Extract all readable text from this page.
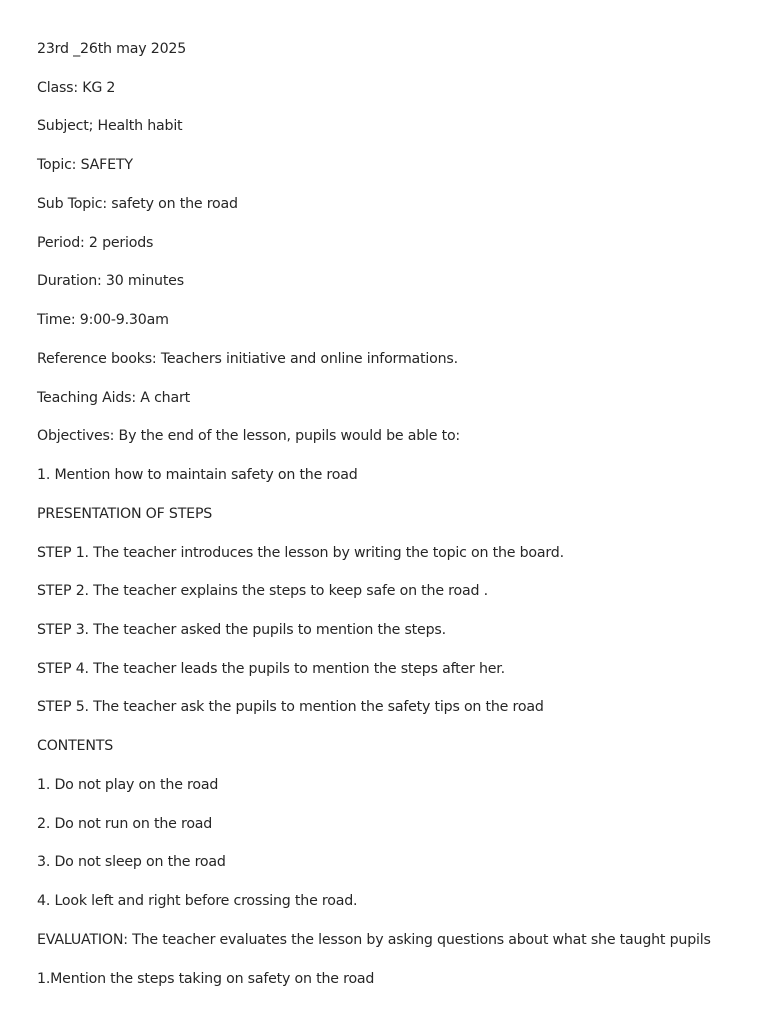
23rd _26th may 2025
Class: KG 2
Subject; Health habit
Topic: SAFETY
Sub Topic: safety on the road
Period: 2 periods
Duration: 30 minutes
Time: 9:00-9.30am
Reference books: Teachers initiative and online informations.
Teaching Aids: A chart
Objectives: By the end of the lesson, pupils would be able to:
1. Mention how to maintain safety on the road
PRESENTATION OF STEPS
STEP 1. The teacher introduces the lesson by writing the topic on the board.
STEP 2. The teacher explains the steps to keep safe on the road .
STEP 3. The teacher asked the pupils to mention the steps.
STEP 4. The teacher leads the pupils to mention the steps after her.
STEP 5. The teacher ask the pupils to mention the safety tips on the road
CONTENTS
1. Do not play on the road
2. Do not run on the road
3. Do not sleep on the road
4. Look left and right before crossing the road.
EVALUATION: The teacher evaluates the lesson by asking questions about what she taught pupils
1.Mention the steps taking on safety on the road
